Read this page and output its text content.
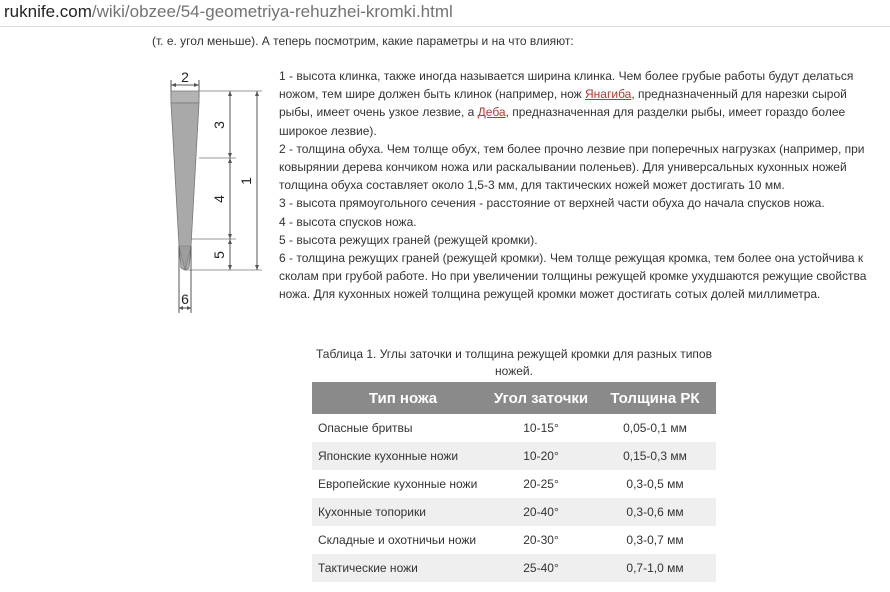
ruknife.com/wiki/obzee/54-geometriya-rehuzhei-kromki.html
(т. е. угол меньше). А теперь посмотрим, какие параметры и на что влияют:
2
3
4
5
1
6

1 - высота клинка, также иногда называется ширина клинка. Чем более грубые работы будут делаться ножом, тем шире должен быть клинок (например, нож Янагиба, предназначенный для нарезки сырой рыбы, имеет очень узкое лезвие, а Деба, предназначенная для разделки рыбы, имеет гораздо более широкое лезвие).

2 - толщина обуха. Чем толще обух, тем более прочно лезвие при поперечных нагрузках (например, при ковырянии дерева кончиком ножа или раскалывании поленьев). Для универсальных кухонных ножей толщина обуха составляет около 1,5-3 мм, для тактических ножей может достигать 10 мм.

3 - высота прямоугольного сечения - расстояние от верхней части обуха до начала спусков ножа.

4 - высота спусков ножа.

5 - высота режущих граней (режущей кромки).

6 - толщина режущих граней (режущей кромки). Чем толще режущая кромка, тем более она устойчива к сколам при грубой работе. Но при увеличении толщины режущей кромке ухудшаются режущие свойства ножа. Для кухонных ножей толщина режущей кромки может достигать сотых долей миллиметра.

Таблица 1. Углы заточки и толщина режущей кромки для разных типов ножей.
Тип ножа	Угол заточки	Толщина РК
Опасные бритвы	10-15°	0,05-0,1 мм
Японские кухонные ножи	10-20°	0,15-0,3 мм
Европейские кухонные ножи	20-25°	0,3-0,5 мм
Кухонные топорики	20-40°	0,3-0,6 мм
Складные и охотничьи ножи	20-30°	0,3-0,7 мм
Тактические ножи	25-40°	0,7-1,0 мм
